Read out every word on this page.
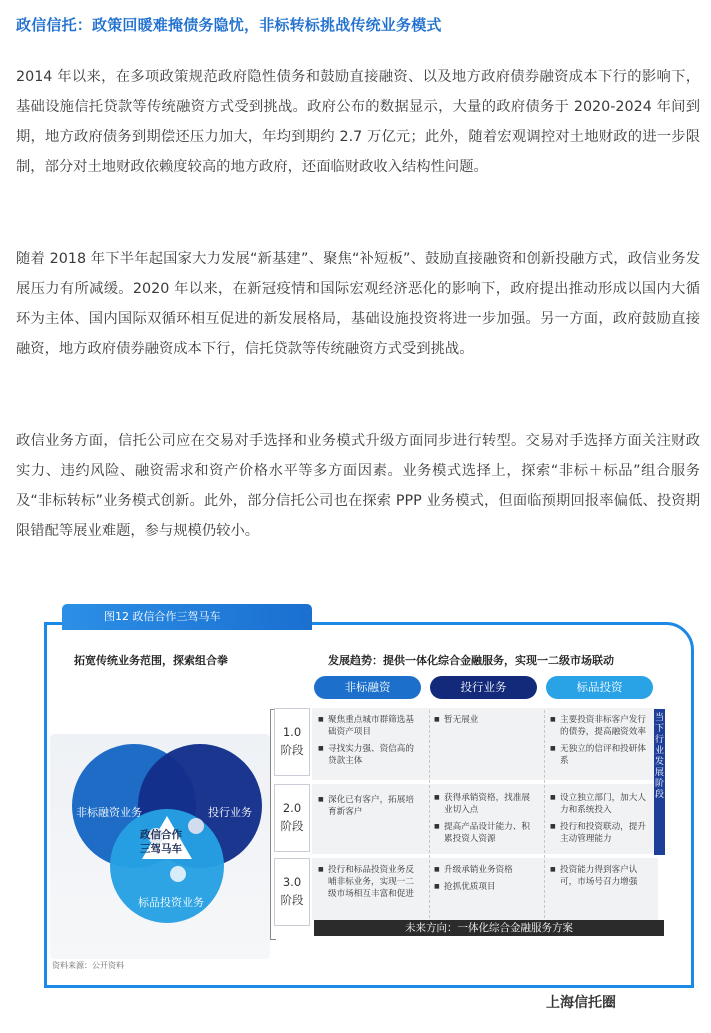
政信信托：政策回暖难掩债务隐忧，非标转标挑战传统业务模式

2014 年以来，在多项政策规范政府隐性债务和鼓励直接融资、以及地方政府债券融资成本下行的影响下，基础设施信托贷款等传统融资方式受到挑战。政府公布的数据显示，大量的政府债务于 2020-2024 年间到期，地方政府债务到期偿还压力加大，年均到期约 2.7 万亿元；此外，随着宏观调控对土地财政的进一步限制，部分对土地财政依赖度较高的地方政府，还面临财政收入结构性问题。

随着 2018 年下半年起国家大力发展“新基建”、聚焦“补短板”、鼓励直接融资和创新投融方式，政信业务发展压力有所减缓。2020 年以来，在新冠疫情和国际宏观经济恶化的影响下，政府提出推动形成以国内大循环为主体、国内国际双循环相互促进的新发展格局，基础设施投资将进一步加强。另一方面，政府鼓励直接融资，地方政府债券融资成本下行，信托贷款等传统融资方式受到挑战。

政信业务方面，信托公司应在交易对手选择和业务模式升级方面同步进行转型。交易对手选择方面关注财政实力、违约风险、融资需求和资产价格水平等多方面因素。业务模式选择上，探索“非标＋标品”组合服务及“非标转标”业务模式创新。此外，部分信托公司也在探索 PPP 业务模式，但面临预期回报率偏低、投资期限错配等展业难题，参与规模仍较小。

图12 政信合作三驾马车
拓宽传统业务范围，探索组合拳
非标融资业务	投行业务
标品投资业务
政信合作
三驾马车
资料来源：公开资料
发展趋势：提供一体化综合金融服务，实现一二级市场联动
非标融资	投行业务	标品投资
1.0
阶段
■ 聚焦重点城市群筛选基础资产项目
■ 寻找实力强、资信高的贷款主体
■ 暂无展业
■	主要投资非标客户发行的债券，提高融资效率
■ 无独立的信评和投研体系
2.0
阶段
■ 深化已有客户，拓展培育新客户
■ 获得承销资格，找准展业切入点
■ 提高产品设计能力、积累投资人资源
■ 设立独立部门，加大人力和系统投入
■ 投行和投资联动，提升主动管理能力
3.0
阶段
■ 投行和标品投资业务反哺非标业务，实现一二级市场相互丰富和促进
■ 升级承销业务资格
■ 抢抓优质项目
■ 投资能力得到客户认可，市场号召力增强
当下行业发展阶段
未来方向：一体化综合金融服务方案
上海信托圈
